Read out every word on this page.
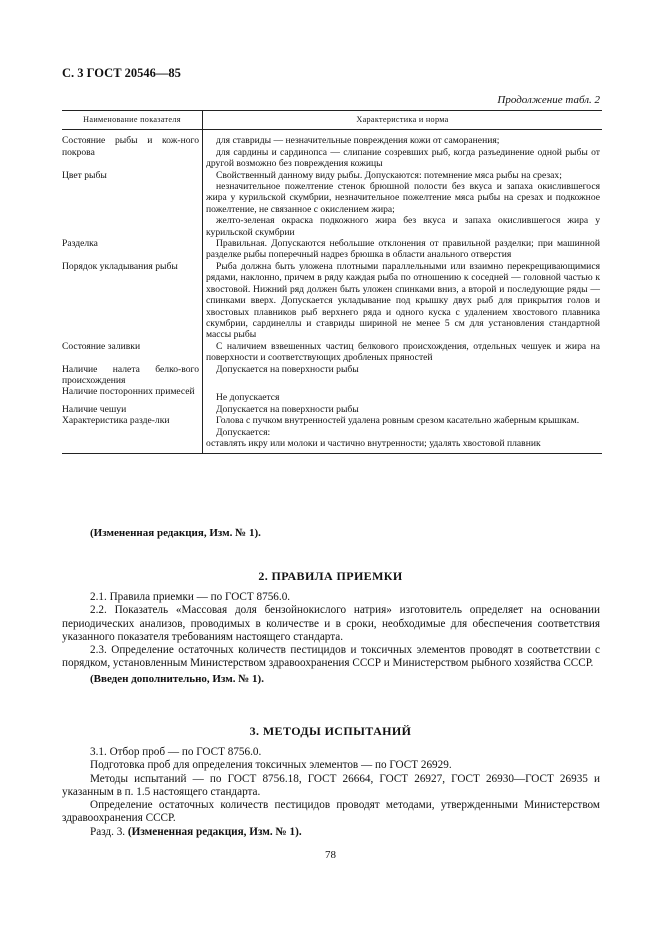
С. 3 ГОСТ 20546—85
Продолжение табл. 2
Наименование показателя	Характеристика и норма
Состояние рыбы и кож-ного покрова	для ставриды — незначительные повреждения кожи от саморанения;

для сардины и сардинопса — слипание созревших рыб, когда разъединение одной рыбы от другой возможно без повреждения кожицы

Цвет рыбы	Свойственный данному виду рыбы. Допускаются: потемнение мяса рыбы на срезах;

незначительное пожелтение стенок брюшной полости без вкуса и запаха окислившегося жира у курильской скумбрии, незначительное пожелтение мяса рыбы на срезах и подкожное пожелтение, не связанное с окислением жира;

желто-зеленая окраска подкожного жира без вкуса и запаха окислившегося жира у курильской скумбрии

Разделка	Правильная. Допускаются небольшие отклонения от правильной разделки; при машинной разделке рыбы поперечный надрез брюшка в области анального отверстия

Порядок укладывания рыбы	Рыба должна быть уложена плотными параллельными или взаимно перекрещивающимися рядами, наклонно, причем в ряду каждая рыба по отношению к соседней — головной частью к хвостовой. Нижний ряд должен быть уложен спинками вниз, а второй и последующие ряды — спинками вверх. Допускается укладывание под крышку двух рыб для прикрытия голов и хвостовых плавников рыб верхнего ряда и одного куска с удалением хвостового плавника скумбрии, сардинеллы и ставриды шириной не менее 5 см для установления стандартной массы рыбы

Состояние заливки	С наличием взвешенных частиц белкового происхождения, отдельных чешуек и жира на поверхности и соответствующих дробленых пряностей

Наличие налета белко-вого происхождения	Допускается на поверхности рыбы

Наличие посторонних примесей	Не допускается

Наличие чешуи	Допускается на поверхности рыбы

Характеристика разде-лки	Голова с пучком внутренностей удалена ровным срезом касательно жаберным крышкам.

Допускается:

оставлять икру или молоки и частично внутренности; удалять хвостовой плавник

(Измененная редакция, Изм. № 1).
2. ПРАВИЛА ПРИЕМКИ

2.1. Правила приемки — по ГОСТ 8756.0.

2.2. Показатель «Массовая доля бензойнокислого натрия» изготовитель определяет на основании периодических анализов, проводимых в количестве и в сроки, необходимые для обеспечения соответствия указанного показателя требованиям настоящего стандарта.

2.3. Определение остаточных количеств пестицидов и токсичных элементов проводят в соответствии с порядком, установленным Министерством здравоохранения СССР и Министерством рыбного хозяйства СССР.

(Введен дополнительно, Изм. № 1).

3. МЕТОДЫ ИСПЫТАНИЙ

3.1. Отбор проб — по ГОСТ 8756.0.

Подготовка проб для определения токсичных элементов — по ГОСТ 26929.

Методы испытаний — по ГОСТ 8756.18, ГОСТ 26664, ГОСТ 26927, ГОСТ 26930—ГОСТ 26935 и указанным в п. 1.5 настоящего стандарта.

Определение остаточных количеств пестицидов проводят методами, утвержденными Министерством здравоохранения СССР.

Разд. 3. (Измененная редакция, Изм. № 1).

78
